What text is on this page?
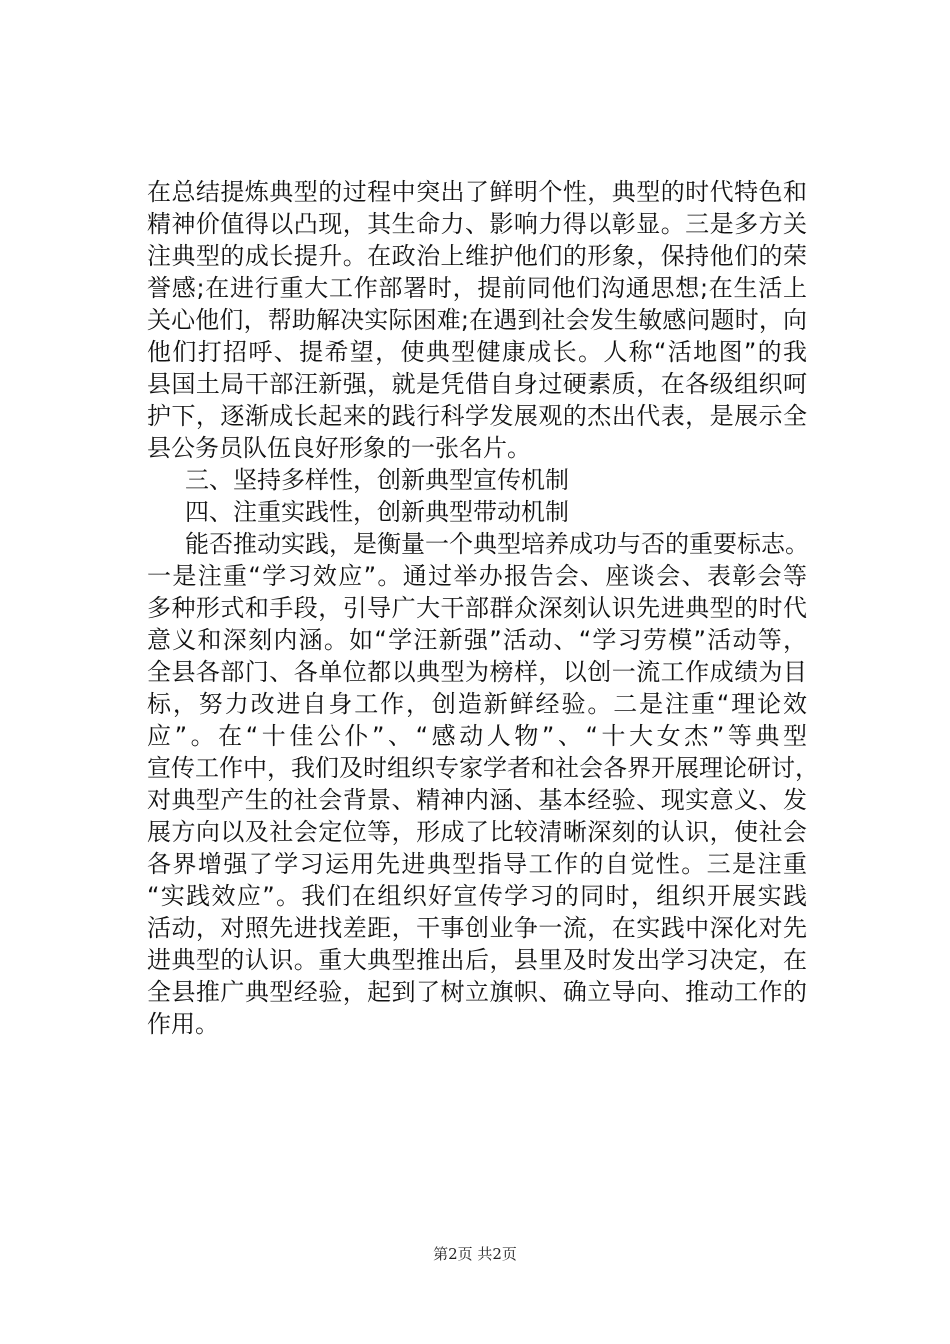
在总结提炼典型的过程中突出了鲜明个性，典型的时代特色和
精神价值得以凸现，其生命力、影响力得以彰显。三是多方关
注典型的成长提升。在政治上维护他们的形象，保持他们的荣
誉感;在进行重大工作部署时，提前同他们沟通思想;在生活上
关心他们，帮助解决实际困难;在遇到社会发生敏感问题时，向
他们打招呼、提希望，使典型健康成长。人称“活地图”的我
县国土局干部汪新强，就是凭借自身过硬素质，在各级组织呵
护下，逐渐成长起来的践行科学发展观的杰出代表，是展示全
县公务员队伍良好形象的一张名片。
三、坚持多样性，创新典型宣传机制
四、注重实践性，创新典型带动机制
能否推动实践，是衡量一个典型培养成功与否的重要标志。
一是注重“学习效应”。通过举办报告会、座谈会、表彰会等
多种形式和手段，引导广大干部群众深刻认识先进典型的时代
意义和深刻内涵。如“学汪新强”活动、“学习劳模”活动等，
全县各部门、各单位都以典型为榜样，以创一流工作成绩为目
标，努力改进自身工作，创造新鲜经验。二是注重“理论效
应”。在“十佳公仆”、“感动人物”、“十大女杰”等典型
宣传工作中，我们及时组织专家学者和社会各界开展理论研讨，
对典型产生的社会背景、精神内涵、基本经验、现实意义、发
展方向以及社会定位等，形成了比较清晰深刻的认识，使社会
各界增强了学习运用先进典型指导工作的自觉性。三是注重
“实践效应”。我们在组织好宣传学习的同时，组织开展实践
活动，对照先进找差距，干事创业争一流，在实践中深化对先
进典型的认识。重大典型推出后，县里及时发出学习决定，在
全县推广典型经验，起到了树立旗帜、确立导向、推动工作的
作用。
第2页 共2页
